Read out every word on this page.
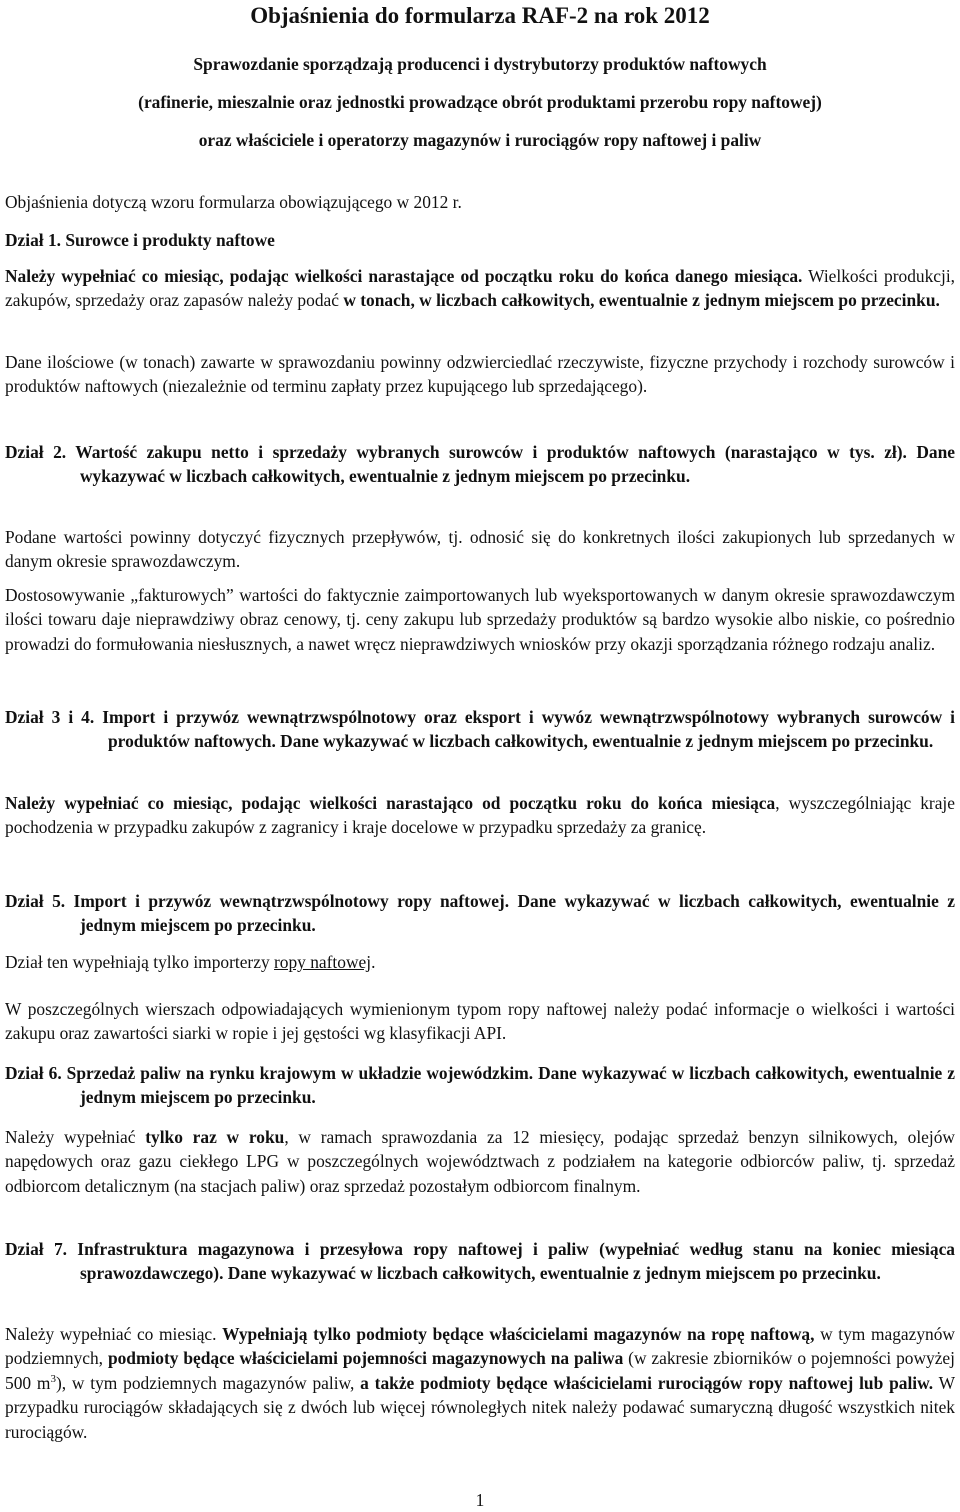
Objaśnienia do formularza RAF-2 na rok 2012
Sprawozdanie sporządzają producenci i dystrybutorzy produktów naftowych
(rafinerie, mieszalnie oraz jednostki prowadzące obrót produktami przerobu ropy naftowej)
oraz właściciele i operatorzy magazynów i rurociągów ropy naftowej i paliw

Objaśnienia dotyczą wzoru formularza obowiązującego w 2012 r.

Dział 1. Surowce i produkty naftowe

Należy wypełniać co miesiąc, podając wielkości narastające od początku roku do końca danego miesiąca. Wielkości produkcji, zakupów, sprzedaży oraz zapasów należy podać w tonach, w liczbach całkowitych, ewentualnie z jednym miejscem po przecinku.

Dane ilościowe (w tonach) zawarte w sprawozdaniu powinny odzwierciedlać rzeczywiste, fizyczne przychody i rozchody surowców i produktów naftowych (niezależnie od terminu zapłaty przez kupującego lub sprzedającego).

Dział 2. Wartość zakupu netto i sprzedaży wybranych surowców i produktów naftowych (narastająco w tys. zł). Dane wykazywać w liczbach całkowitych, ewentualnie z jednym miejscem po przecinku.

Podane wartości powinny dotyczyć fizycznych przepływów, tj. odnosić się do konkretnych ilości zakupionych lub sprzedanych w danym okresie sprawozdawczym.

Dostosowywanie „fakturowych” wartości do faktycznie zaimportowanych lub wyeksportowanych w danym okresie sprawozdawczym ilości towaru daje nieprawdziwy obraz cenowy, tj. ceny zakupu lub sprzedaży produktów są bardzo wysokie albo niskie, co pośrednio prowadzi do formułowania niesłusznych, a nawet wręcz nieprawdziwych wniosków przy okazji sporządzania różnego rodzaju analiz.

Dział 3 i 4. Import i przywóz wewnątrzwspólnotowy oraz eksport i wywóz wewnątrzwspólnotowy wybranych surowców i produktów naftowych. Dane wykazywać w liczbach całkowitych, ewentualnie z jednym miejscem po przecinku.

Należy wypełniać co miesiąc, podając wielkości narastająco od początku roku do końca miesiąca, wyszczególniając kraje pochodzenia w przypadku zakupów z zagranicy i kraje docelowe w przypadku sprzedaży za granicę.

Dział 5. Import i przywóz wewnątrzwspólnotowy ropy naftowej. Dane wykazywać w liczbach całkowitych, ewentualnie z jednym miejscem po przecinku.

Dział ten wypełniają tylko importerzy ropy naftowej.

W poszczególnych wierszach odpowiadających wymienionym typom ropy naftowej należy podać informacje o wielkości i wartości zakupu oraz zawartości siarki w ropie i jej gęstości wg klasyfikacji API.

Dział 6. Sprzedaż paliw na rynku krajowym w układzie wojewódzkim. Dane wykazywać w liczbach całkowitych, ewentualnie z jednym miejscem po przecinku.

Należy wypełniać tylko raz w roku, w ramach sprawozdania za 12 miesięcy, podając sprzedaż benzyn silnikowych, olejów napędowych oraz gazu ciekłego LPG w poszczególnych województwach z podziałem na kategorie odbiorców paliw, tj. sprzedaż odbiorcom detalicznym (na stacjach paliw) oraz sprzedaż pozostałym odbiorcom finalnym.

Dział 7. Infrastruktura magazynowa i przesyłowa ropy naftowej i paliw (wypełniać według stanu na koniec miesiąca sprawozdawczego). Dane wykazywać w liczbach całkowitych, ewentualnie z jednym miejscem po przecinku.

Należy wypełniać co miesiąc. Wypełniają tylko podmioty będące właścicielami magazynów na ropę naftową, w tym magazynów podziemnych, podmioty będące właścicielami pojemności magazynowych na paliwa (w zakresie zbiorników o pojemności powyżej 500 $m^3$), w tym podziemnych magazynów paliw, a także podmioty będące właścicielami rurociągów ropy naftowej lub paliw. W przypadku rurociągów składających się z dwóch lub więcej równoległych nitek należy podawać sumaryczną długość wszystkich nitek rurociągów.

1
